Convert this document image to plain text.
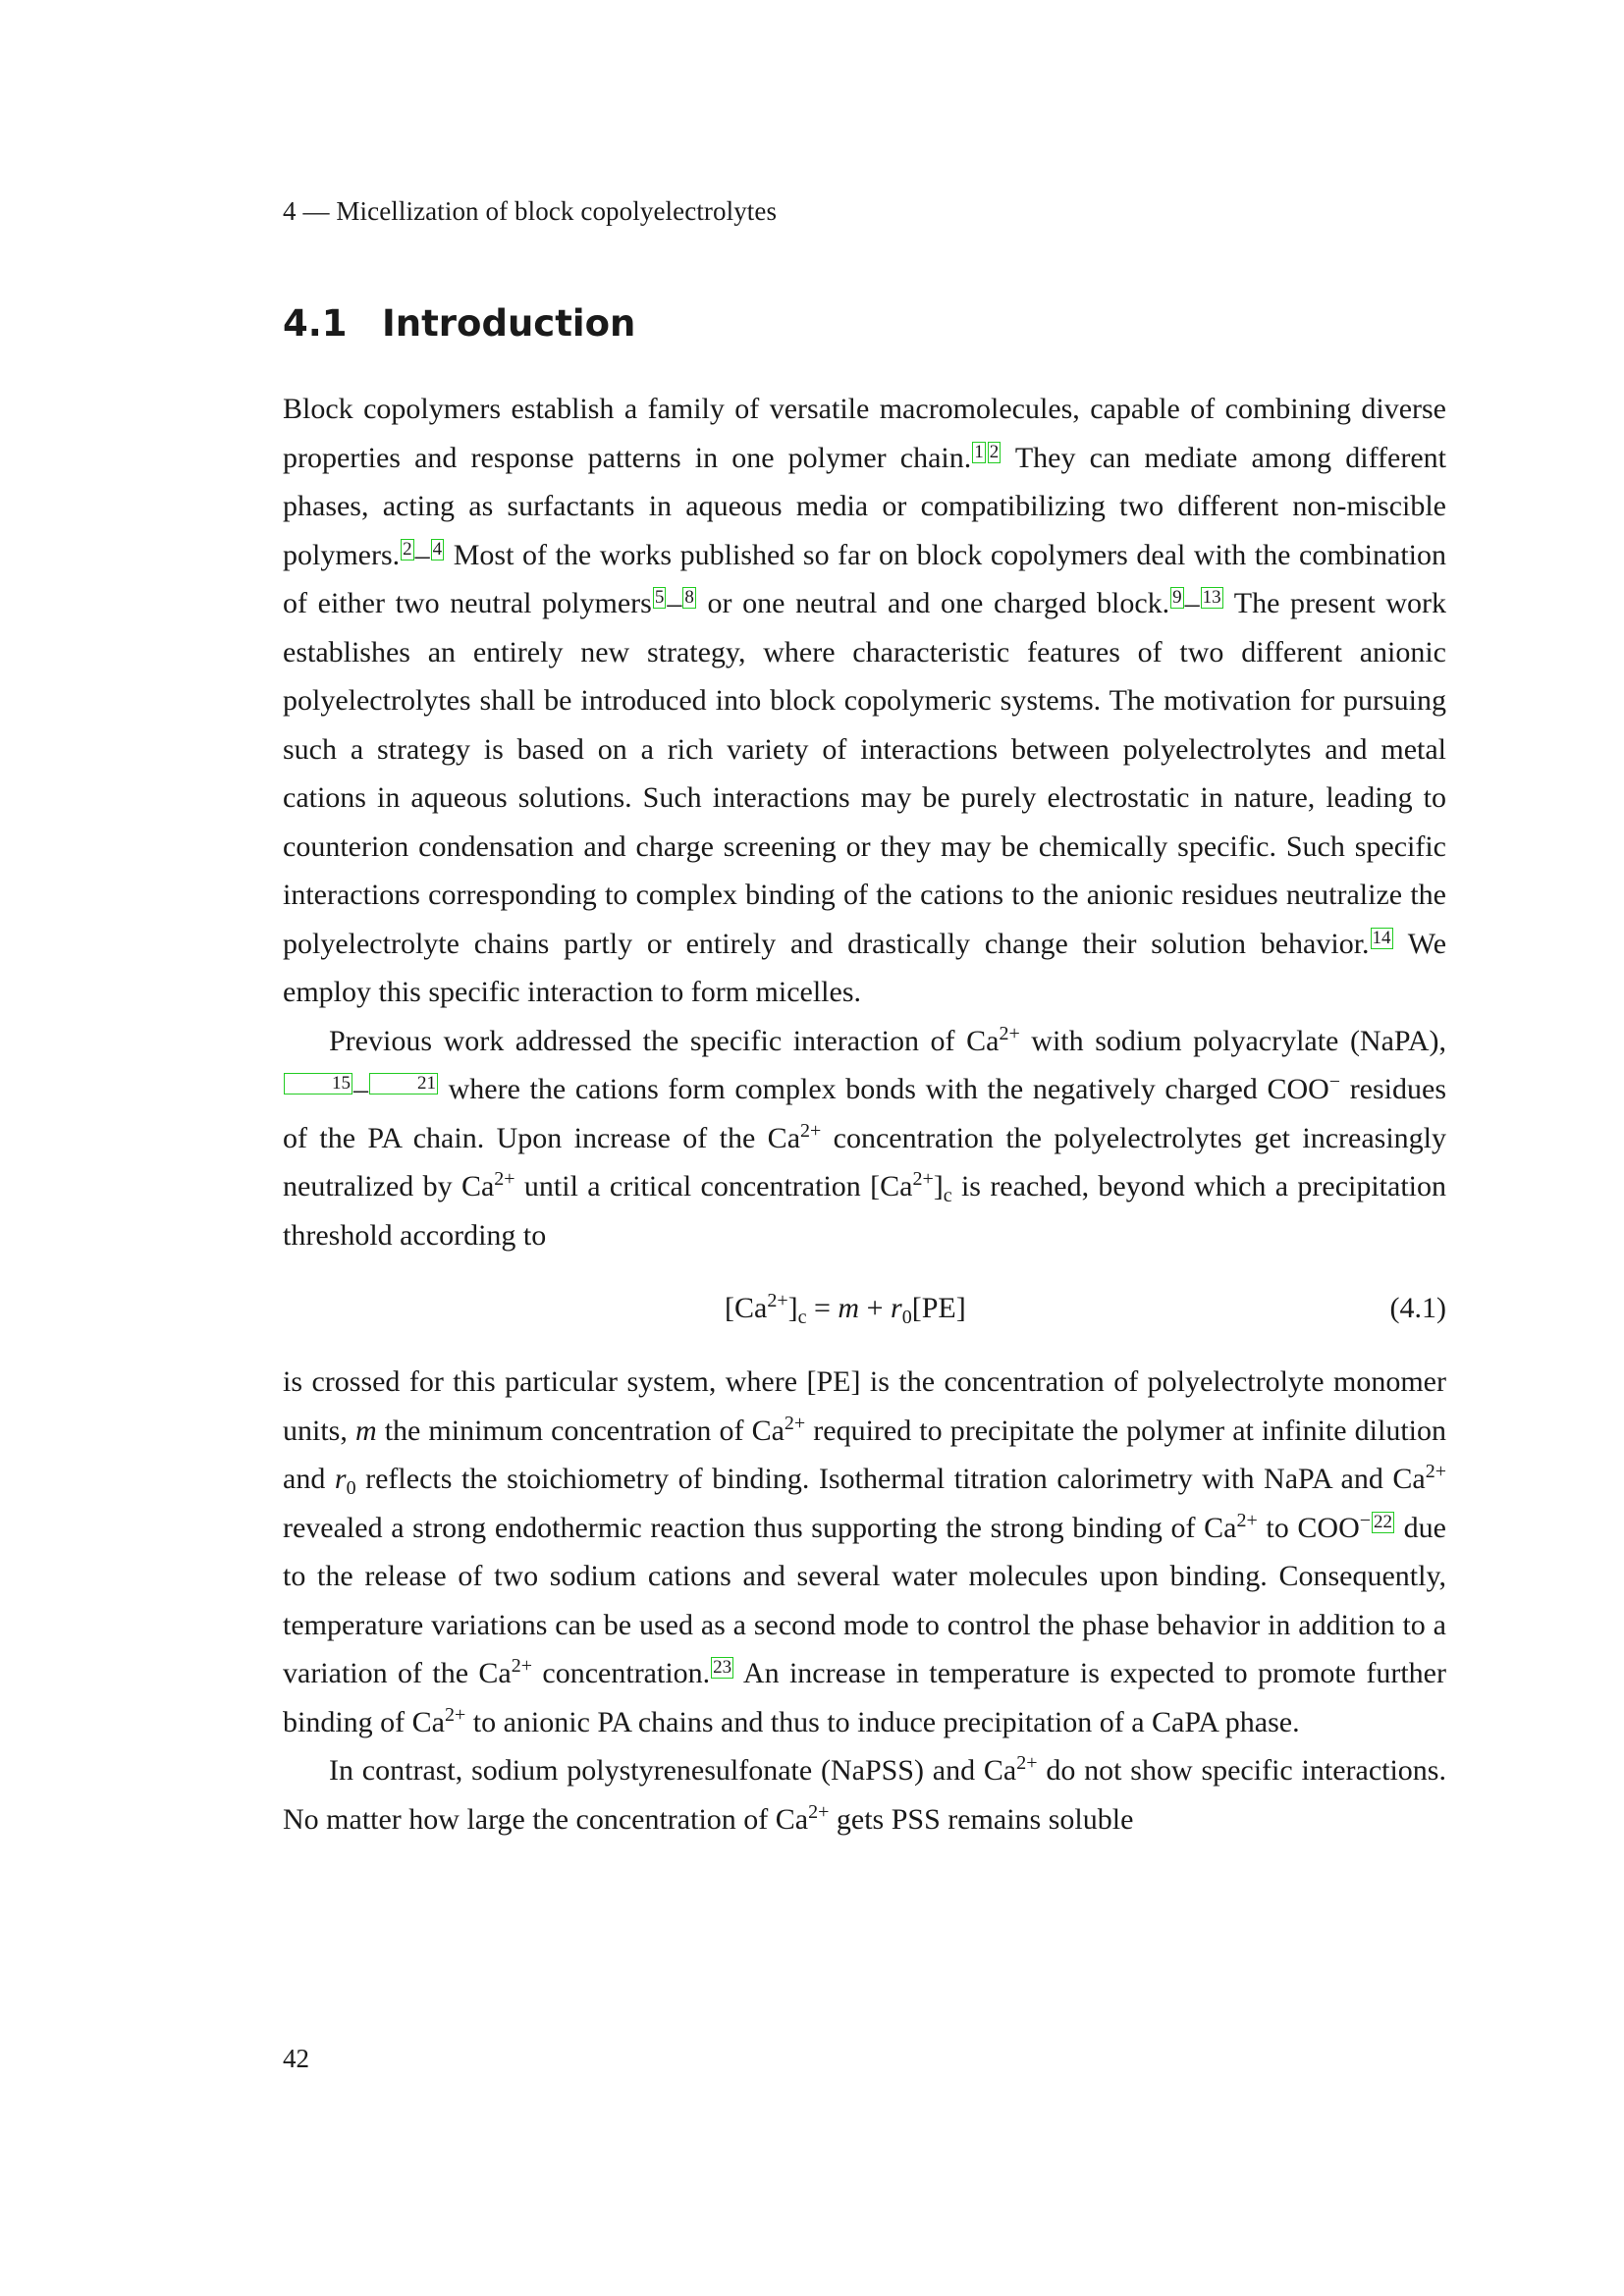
4 — Micellization of block copolyelectrolytes
4.1 Introduction

Block copolymers establish a family of versatile macromolecules, capable of combining diverse properties and response patterns in one polymer chain. 1 2 They can mediate among different phases, acting as surfactants in aqueous media or compatibilizing two different non-miscible polymers. 2 – 4 Most of the works published so far on block copolymers deal with the combination of either two neutral polymers 5 – 8 or one neutral and one charged block. 9 – 13 The present work establishes an entirely new strategy, where characteristic features of two different anionic polyelectrolytes shall be introduced into block copolymeric systems. The motivation for pursuing such a strategy is based on a rich variety of interactions between polyelectrolytes and metal cations in aqueous solutions. Such interactions may be purely electrostatic in nature, leading to counterion condensation and charge screening or they may be chemically specific. Such specific interactions corresponding to complex binding of the cations to the anionic residues neutralize the polyelectrolyte chains partly or entirely and drastically change their solution behavior. 14 We employ this specific interaction to form micelles.

Previous work addressed the specific interaction of $Ca^{2+}$ with sodium polyacrylate (NaPA),15 –	21 where the cations form complex bonds with the negatively charged COO− residues of the PA chain. Upon increase of the $Ca^{2+}$ concentration the polyelectrolytes get increasingly neutralized by $Ca^{2+}$ until a critical concentration $[Ca^{2+}]_c$ is reached, beyond which a precipitation threshold according to

$[Ca^{2+}]_c = m + r_0[PE]$	(4.1)

is crossed for this particular system, where [PE] is the concentration of polyelectrolyte monomer units, m the minimum concentration of $Ca^{2+}$ required to precipitate the polymer at infinite dilution and $r_0$ reflects the stoichiometry of binding. Isothermal titration calorimetry with NaPA and $Ca^{2+}$ revealed a strong endothermic reaction thus supporting the strong binding of $Ca^{2+}$ to COO− 22 due to the release of two sodium cations and several water molecules upon binding. Consequently, temperature variations can be used as a second mode to control the phase behavior in addition to a variation of the $Ca^{2+}$ concentration. 23 An increase in temperature is expected to promote further binding of $Ca^{2+}$ to anionic PA chains and thus to induce precipitation of a CaPA phase.

In contrast, sodium polystyrenesulfonate (NaPSS) and $Ca^{2+}$ do not show specific interactions. No matter how large the concentration of $Ca^{2+}$ gets PSS remains soluble

42
